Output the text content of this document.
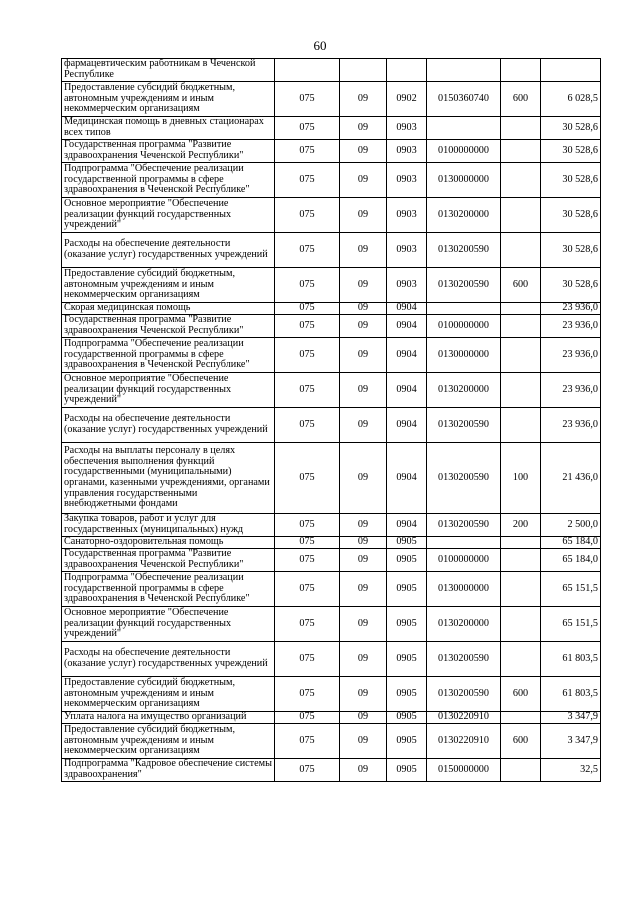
60
фармацевтическим работникам в Чеченской Республике						
Предоставление субсидий бюджетным, автономным учреждениям и иным некоммерческим организациям	075	09	0902	0150360740	600	6 028,5
Медицинская помощь в дневных стационарах всех типов	075	09	0903			30 528,6
Государственная программа "Развитие здравоохранения Чеченской Республики"	075	09	0903	0100000000		30 528,6
Подпрограмма "Обеспечение реализации государственной программы в сфере здравоохранения в Чеченской Республике"	075	09	0903	0130000000		30 528,6
Основное мероприятие "Обеспечение реализации функций государственных учреждений"	075	09	0903	0130200000		30 528,6
Расходы на обеспечение деятельности (оказание услуг) государственных учреждений	075	09	0903	0130200590		30 528,6
Предоставление субсидий бюджетным, автономным учреждениям и иным некоммерческим организациям	075	09	0903	0130200590	600	30 528,6
Скорая медицинская помощь	075	09	0904			23 936,0
Государственная программа "Развитие здравоохранения Чеченской Республики"	075	09	0904	0100000000		23 936,0
Подпрограмма "Обеспечение реализации государственной программы в сфере здравоохранения в Чеченской Республике"	075	09	0904	0130000000		23 936,0
Основное мероприятие "Обеспечение реализации функций государственных учреждений"	075	09	0904	0130200000		23 936,0
Расходы на обеспечение деятельности (оказание услуг) государственных учреждений	075	09	0904	0130200590		23 936,0
Расходы на выплаты персоналу в целях обеспечения выполнения функций государственными (муниципальными) органами, казенными учреждениями, органами управления государственными внебюджетными фондами	075	09	0904	0130200590	100	21 436,0
Закупка товаров, работ и услуг для государственных (муниципальных) нужд	075	09	0904	0130200590	200	2 500,0
Санаторно-оздоровительная помощь	075	09	0905			65 184,0
Государственная программа "Развитие здравоохранения Чеченской Республики"	075	09	0905	0100000000		65 184,0
Подпрограмма "Обеспечение реализации государственной программы в сфере здравоохранения в Чеченской Республике"	075	09	0905	0130000000		65 151,5
Основное мероприятие "Обеспечение реализации функций государственных учреждений"	075	09	0905	0130200000		65 151,5
Расходы на обеспечение деятельности (оказание услуг) государственных учреждений	075	09	0905	0130200590		61 803,5
Предоставление субсидий бюджетным, автономным учреждениям и иным некоммерческим организациям	075	09	0905	0130200590	600	61 803,5
Уплата налога на имущество организаций	075	09	0905	0130220910		3 347,9
Предоставление субсидий бюджетным, автономным учреждениям и иным некоммерческим организациям	075	09	0905	0130220910	600	3 347,9
Подпрограмма "Кадровое обеспечение системы здравоохранения"	075	09	0905	0150000000		32,5
